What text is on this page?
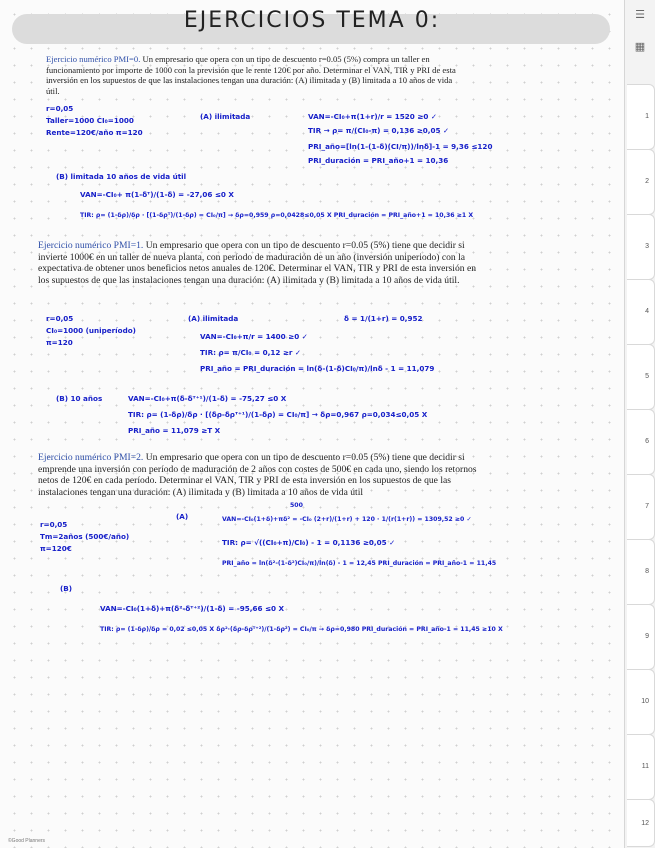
EJERCICIOS TEMA 0:
Ejercicio numérico PMI=0. Un empresario que opera con un tipo de descuento r=0.05 (5%) compra un taller en funcionamiento por importe de 1000 con la previsión que le rente 120€ por año. Determinar el VAN, TIR y PRI de esta inversión en los supuestos de que las instalaciones tengan una duración: (A) ilimitada y (B) limitada a 10 años de vida útil.
r=0,05
Taller=1000 CI₀=1000
Rente=120€/año π=120
(A) ilimitada	VAN=-CI₀+π(1+r)/r = 1520 ≥0 ✓
TIR → ρ= π/(CI₀-π) = 0,136 ≥0,05 ✓
PRI_año=[ln(1-(1-δ)(CI/π))/lnδ]-1 = 9,36 ≤120
PRI_duración = PRI_año+1 = 10,36
(B) limitada 10 años de vida útil
VAN=-CI₀+ π(1-δᵀ)/(1-δ) = -27,06 ≤0 X
TIR: ρ= (1-δρ)/δρ · [(1-δρᵀ)/(1-δρ) = CI₀/π] → δρ=0,959 ρ=0,0428≤0,05 X PRI_duración = PRI_año+1 = 10,36 ≥1 X
Ejercicio numérico PMI=1. Un empresario que opera con un tipo de descuento r=0.05 (5%) tiene que decidir si invierte 1000€ en un taller de nueva planta, con período de maduración de un año (inversión uniperiodo) con la expectativa de obtener unos beneficios netos anuales de 120€. Determinar el VAN, TIR y PRI de esta inversión en los supuestos de que las instalaciones tengan una duración: (A) ilimitada y (B) limitada a 10 años de vida útil.
r=0,05
CI₀=1000 (uniperíodo)
π=120
(A) ilimitada	δ = 1/(1+r) = 0,952
VAN=-CI₀+π/r = 1400 ≥0 ✓
TIR: ρ= π/CI₀ = 0,12 ≥r ✓
PRI_año = PRI_duración = ln(δ-(1-δ)CI₀/π)/lnδ - 1 = 11,079
(B) 10 años	VAN=-CI₀+π(δ-δᵀ⁺¹)/(1-δ) = -75,27 ≤0 X
TIR: ρ= (1-δρ)/δρ · [(δρ-δρᵀ⁺¹)/(1-δρ) = CI₀/π] → δρ=0,967 ρ=0,034≤0,05 X
PRI_año = 11,079 ≥T X
Ejercicio numérico PMI=2. Un empresario que opera con un tipo de descuento r=0.05 (5%) tiene que decidir si emprende una inversión con período de maduración de 2 años con costes de 500€ en cada uno, siendo los retornos netos de 120€ en cada período. Determinar el VAN, TIR y PRI de esta inversión en los supuestos de que las instalaciones tengan una duración: (A) ilimitada y (B) limitada a 10 años de vida útil
r=0,05
Tm=2años (500€/año)
π=120€
(A)
500
VAN=-CI₀(1+δ)+πδ² = -CI₀ (2+r)/(1+r) + 120 · 1/(r(1+r)) = 1309,52 ≥0 ✓
TIR: ρ= √((CI₀+π)/CI₀) - 1 = 0,1136 ≥0,05 ✓
PRI_año = ln(δ²-(1-δ²)CI₀/π)/ln(δ) - 1 = 12,45 PRI_duración = PRI_año-1 = 11,45
(B)
VAN=-CI₀(1+δ)+π(δ²-δᵀ⁺²)/(1-δ) = -95,66 ≤0 X
TIR: ρ= (1-δρ)/δρ = 0,02 ≤0,05 X δρ²·(δρ-δρᵀ⁺²)/(1-δρ²) = CI₀/π → δρ=0,980 PRI_duración = PRI_año-1 = 11,45 ≥10 X
©Good Planners
☰
▦
1
2
3
4
5
6
7
8
9
10
11
12
